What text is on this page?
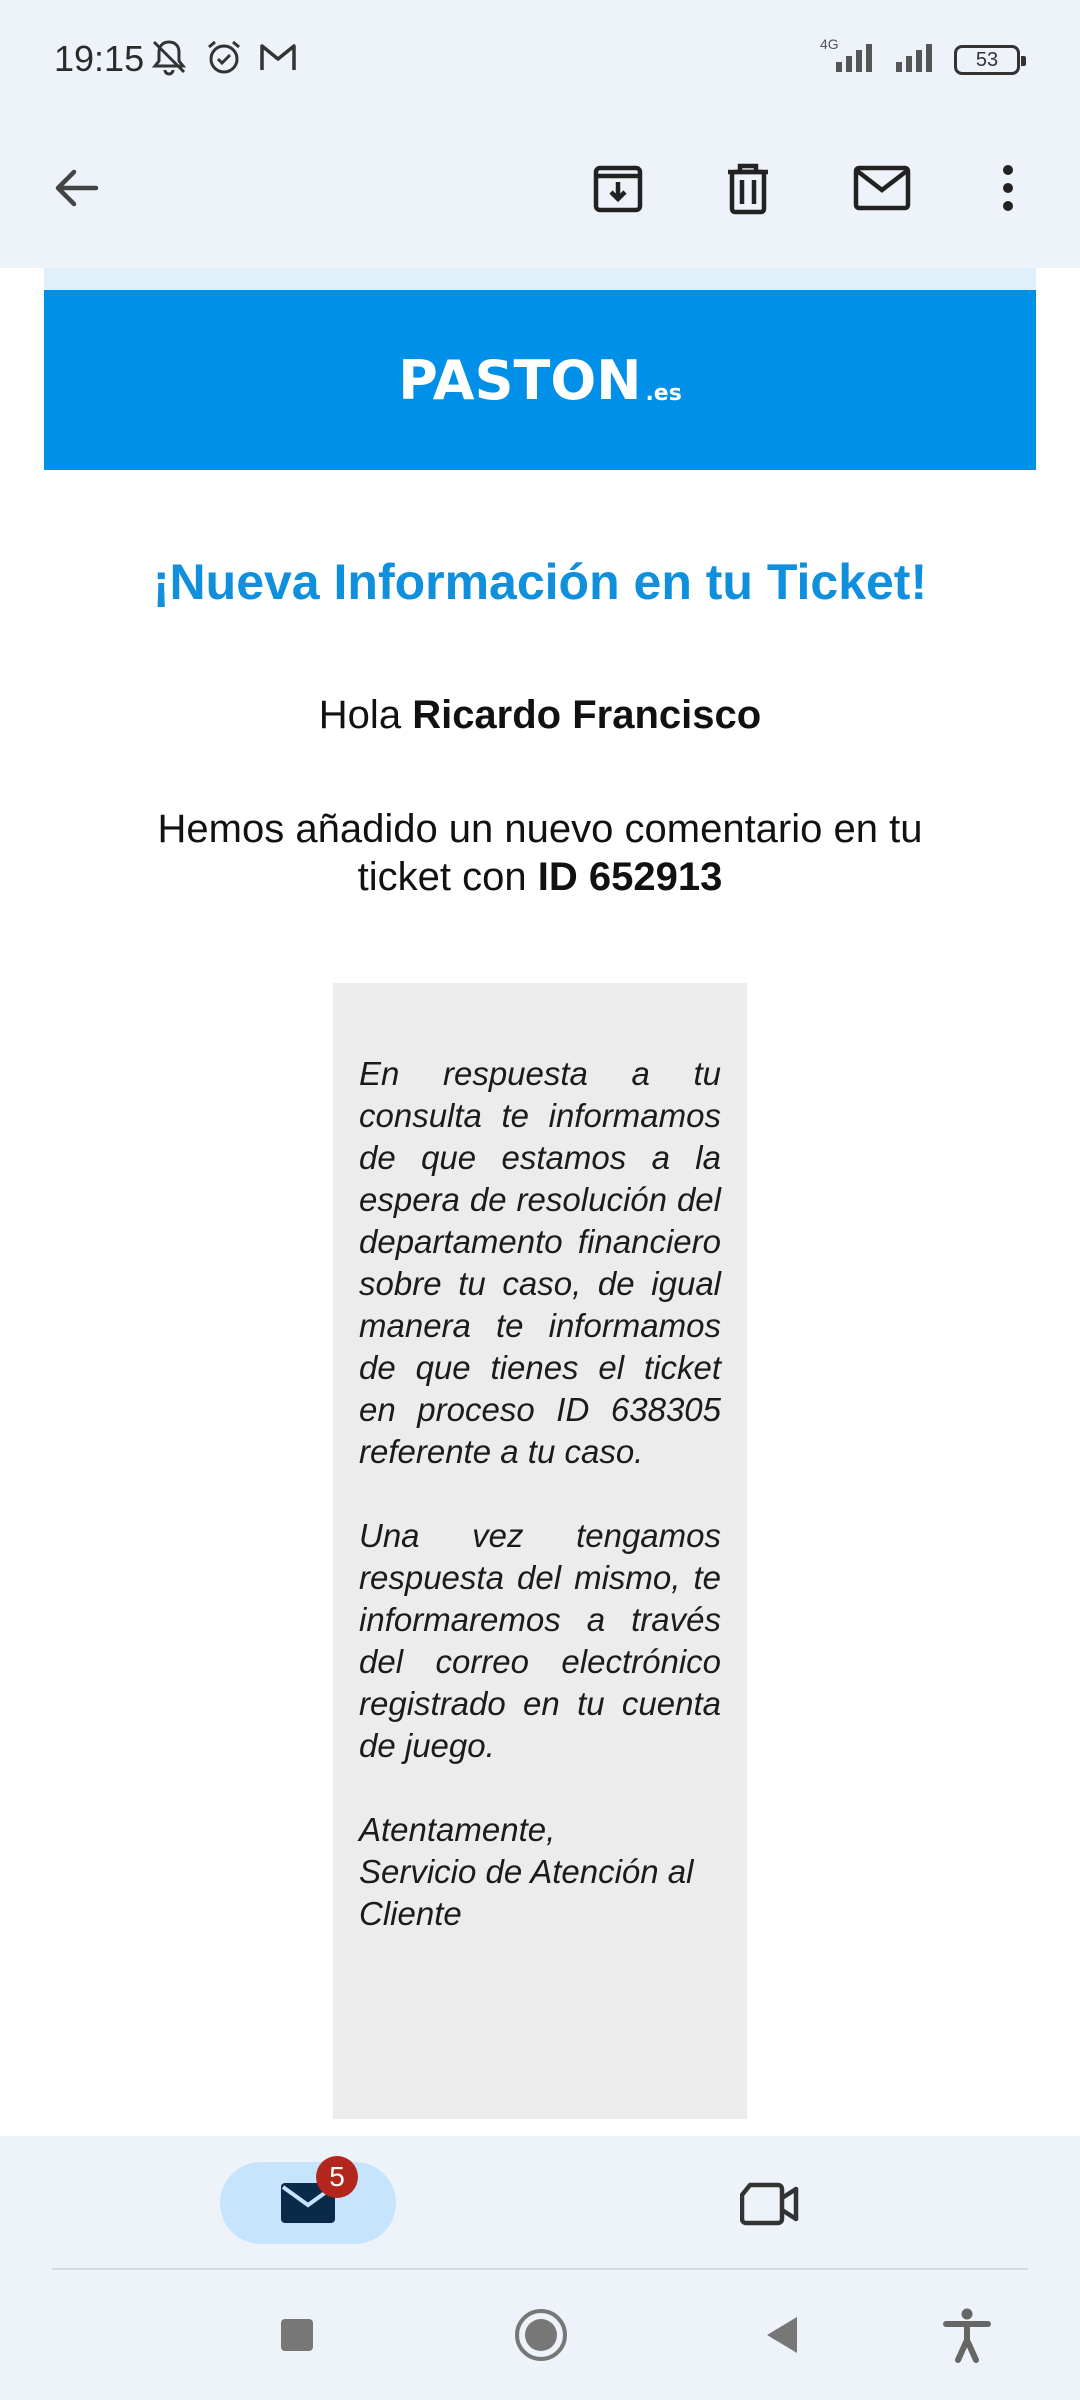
19:15	4G
53
PASTON .es
¡Nueva Información en tu Ticket!
Hola Ricardo Francisco
Hemos añadido un nuevo comentario en tu ticket con ID 652913

En respuesta a tu consulta te informamos de que estamos a la espera de resolución del departamento financiero sobre tu caso, de igual manera te informamos de que tienes el ticket en proceso ID 638305 referente a tu caso.

Una vez tengamos respuesta del mismo, te informaremos a través del correo electrónico registrado en tu cuenta de juego.

Atentamente,
Servicio de Atención al Cliente

5
